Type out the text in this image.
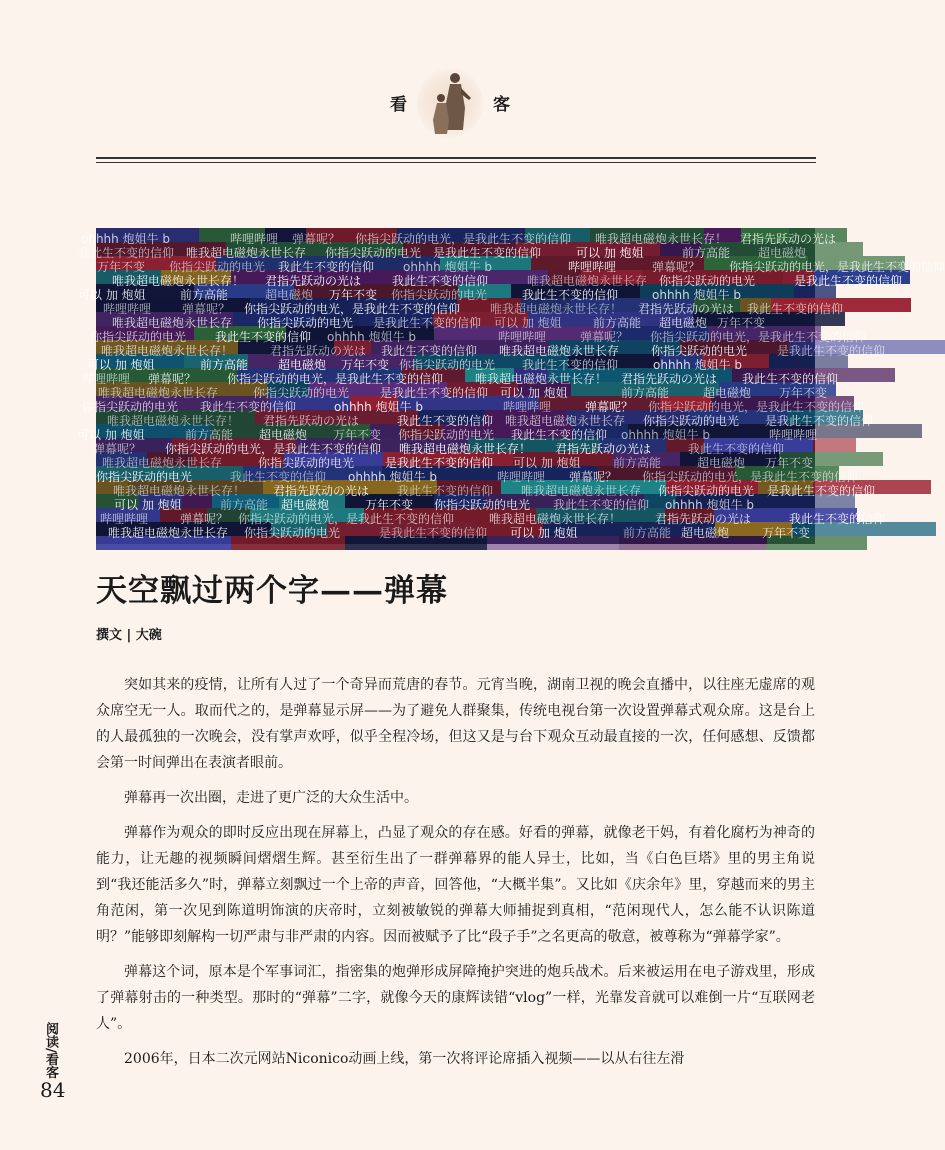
看	客
ohhhh 炮姐牛 b	哔哩哔哩 弹幕呢？ 你指尖跃动的电光，是我此生不变的信仰 唯我超电磁炮永世长存！ 君指先跃动の光は
我此生不变的信仰 唯我超电磁炮永世长存 你指尖跃动的电光 是我此生不变的信仰	可以 加 炮姐	前方高能 超电磁炮
万年不变 你指尖跃动的电光 我此生不变的信仰 ohhhh 炮姐牛 b	哔哩哔哩	弹幕呢？ 你指尖跃动的电光，是我此生不变的信仰
唯我超电磁炮永世长存！ 君指先跃动の光は	我此生不变的信仰	唯我超电磁炮永世长存 你指尖跃动的电光	是我此生不变的信仰
可以 加 炮姐	前方高能	超电磁炮 万年不变 你指尖跃动的电光	我此生不变的信仰	ohhhh 炮姐牛 b
哔哩哔哩	弹幕呢？ 你指尖跃动的电光，是我此生不变的信仰 唯我超电磁炮永世长存！ 君指先跃动の光は 我此生不变的信仰
唯我超电磁炮永世长存 你指尖跃动的电光 是我此生不变的信仰 可以 加 炮姐	前方高能 超电磁炮 万年不变
你指尖跃动的电光 我此生不变的信仰 ohhhh 炮姐牛 b	哔哩哔哩	弹幕呢？ 你指尖跃动的电光，是我此生不变的信仰
唯我超电磁炮永世长存！	君指先跃动の光は 我此生不变的信仰 唯我超电磁炮永世长存	你指尖跃动的电光 是我此生不变的信仰
可以 加 炮姐	前方高能 超电磁炮 万年不变 你指尖跃动的电光 我此生不变的信仰	ohhhh 炮姐牛 b
哔哩哔哩 弹幕呢？	你指尖跃动的电光，是我此生不变的信仰	唯我超电磁炮永世长存！ 君指先跃动の光は 我此生不变的信仰
唯我超电磁炮永世长存	你指尖跃动的电光	是我此生不变的信仰 可以 加 炮姐	前方高能	超电磁炮 万年不变
你指尖跃动的电光 我此生不变的信仰	ohhhh 炮姐牛 b	哔哩哔哩	弹幕呢？ 你指尖跃动的电光，是我此生不变的信仰
唯我超电磁炮永世长存！ 君指先跃动の光は	我此生不变的信仰 唯我超电磁炮永世长存 你指尖跃动的电光 是我此生不变的信仰
可以 加 炮姐	前方高能 超电磁炮 万年不变 你指尖跃动的电光 我此生不变的信仰 ohhhh 炮姐牛 b	哔哩哔哩
弹幕呢？ 你指尖跃动的电光，是我此生不变的信仰 唯我超电磁炮永世长存！ 君指先跃动の光は	我此生不变的信仰
唯我超电磁炮永世长存	你指尖跃动的电光	是我此生不变的信仰 可以 加 炮姐	前方高能	超电磁炮 万年不变
你指尖跃动的电光	我此生不变的信仰 ohhhh 炮姐牛 b	哔哩哔哩 弹幕呢？ 你指尖跃动的电光，是我此生不变的信仰
唯我超电磁炮永世长存！ 君指先跃动の光は 我此生不变的信仰 唯我超电磁炮永世长存 你指尖跃动的电光 是我此生不变的信仰
可以 加 炮姐	前方高能 超电磁炮	万年不变 你指尖跃动的电光 我此生不变的信仰 ohhhh 炮姐牛 b
哔哩哔哩	弹幕呢？ 你指尖跃动的电光，是我此生不变的信仰	唯我超电磁炮永世长存！	君指先跃动の光は	我此生不变的信仰
唯我超电磁炮永世长存 你指尖跃动的电光	是我此生不变的信仰 可以 加 炮姐	前方高能 超电磁炮	万年不变
天空飘过两个字——弹幕
撰文 | 大碗

突如其来的疫情，让所有人过了一个奇异而荒唐的春节。元宵当晚，湖南卫视的晚会直播中，以往座无虚席的观众席空无一人。取而代之的，是弹幕显示屏——为了避免人群聚集，传统电视台第一次设置弹幕式观众席。这是台上的人最孤独的一次晚会，没有掌声欢呼，似乎全程冷场，但这又是与台下观众互动最直接的一次，任何感想、反馈都会第一时间弹出在表演者眼前。

弹幕再一次出圈，走进了更广泛的大众生活中。

弹幕作为观众的即时反应出现在屏幕上，凸显了观众的存在感。好看的弹幕，就像老干妈，有着化腐朽为神奇的能力，让无趣的视频瞬间熠熠生辉。甚至衍生出了一群弹幕界的能人异士，比如，当《白色巨塔》里的男主角说到“我还能活多久”时，弹幕立刻飘过一个上帝的声音，回答他，“大概半集”。又比如《庆余年》里，穿越而来的男主角范闲，第一次见到陈道明饰演的庆帝时，立刻被敏锐的弹幕大师捕捉到真相，“范闲现代人，怎么能不认识陈道明？”能够即刻解构一切严肃与非严肃的内容。因而被赋予了比“段子手”之名更高的敬意，被尊称为“弹幕学家”。

弹幕这个词，原本是个军事词汇，指密集的炮弹形成屏障掩护突进的炮兵战术。后来被运用在电子游戏里，形成了弹幕射击的一种类型。那时的“弹幕”二字，就像今天的康辉读错“vlog”一样，光靠发音就可以难倒一片“互联网老人”。

2006年，日本二次元网站Niconico动画上线，第一次将评论席插入视频——以从右往左滑

阅读/看客
84
